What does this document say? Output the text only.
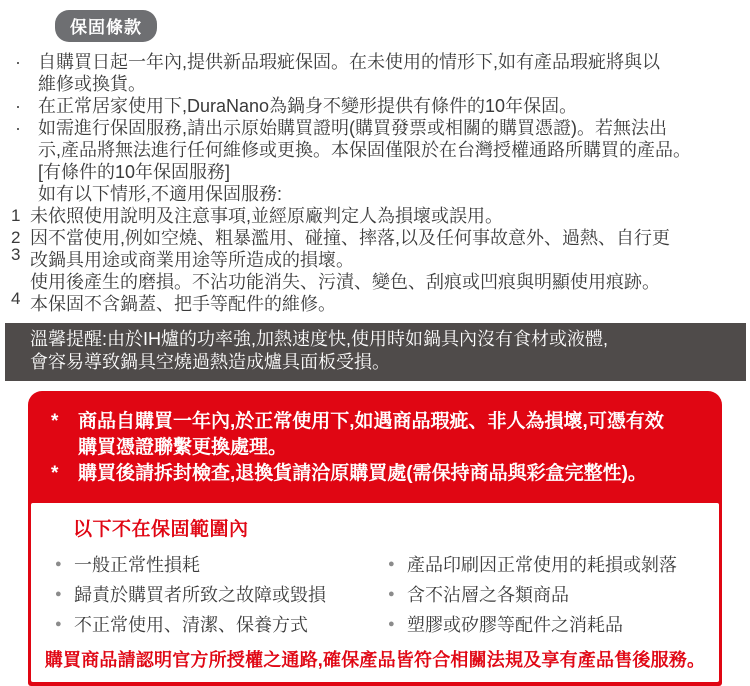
保固條款
· 自購買日起一年內,提供新品瑕疵保固。在未使用的情形下,如有產品瑕疵將與以
維修或換貨。
· 在正常居家使用下,DuraNano為鍋身不變形提供有條件的10年保固。
· 如需進行保固服務,請出示原始購買證明(購買發票或相關的購買憑證)。若無法出
示,產品將無法進行任何維修或更換。本保固僅限於在台灣授權通路所購買的產品。
[有條件的10年保固服務]
如有以下情形,不適用保固服務:
1 未依照使用說明及注意事項,並經原廠判定人為損壞或誤用。
2 因不當使用,例如空燒、粗暴濫用、碰撞、摔落,以及任何事故意外、過熱、自行更
3 改鍋具用途或商業用途等所造成的損壞。
使用後產生的磨損。不沾功能消失、污漬、變色、刮痕或凹痕與明顯使用痕跡。
4 本保固不含鍋蓋、把手等配件的維修。
溫馨提醒:由於IH爐的功率強,加熱速度快,使用時如鍋具內沒有食材或液體,
會容易導致鍋具空燒過熱造成爐具面板受損。
*	商品自購買一年內,於正常使用下,如遇商品瑕疵、非人為損壞,可憑有效
購買憑證聯繫更換處理。
*	購買後請拆封檢查,退換貨請洽原購買處(需保持商品與彩盒完整性)。
以下不在保固範圍內
● 一般正常性損耗
● 歸責於購買者所致之故障或毀損
● 不正常使用、清潔、保養方式
● 產品印刷因正常使用的耗損或剝落
● 含不沾層之各類商品
● 塑膠或矽膠等配件之消耗品
購買商品請認明官方所授權之通路,確保產品皆符合相關法規及享有產品售後服務。
